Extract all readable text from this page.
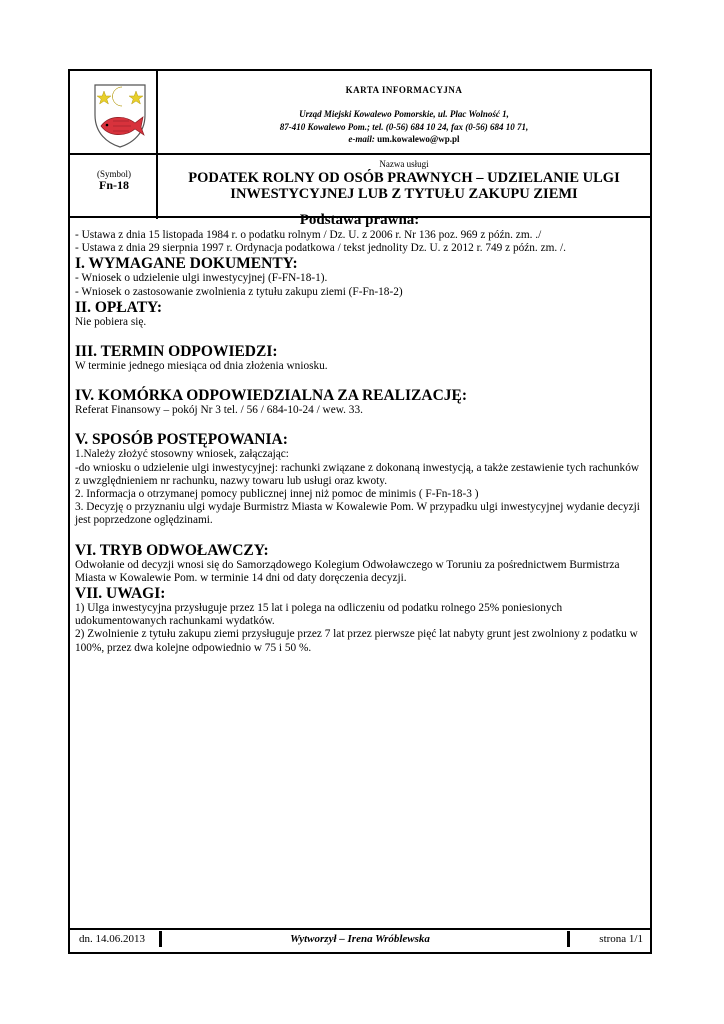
KARTA INFORMACYJNA
Urząd Miejski Kowalewo Pomorskie, ul. Plac Wolność 1,
87-410 Kowalewo Pom.; tel. (0-56) 684 10 24, fax (0-56) 684 10 71,
e-mail: um.kowalewo@wp.pl
(Symbol)
Fn-18
Nazwa usługi
PODATEK ROLNY OD OSÓB PRAWNYCH – UDZIELANIE ULGI
INWESTYCYJNEJ LUB Z TYTUŁU ZAKUPU ZIEMI

Podstawa prawna:

- Ustawa z dnia 15 listopada 1984 r. o podatku rolnym / Dz. U. z 2006 r. Nr 136 poz. 969 z późn. zm. ./

- Ustawa z dnia 29 sierpnia 1997 r. Ordynacja podatkowa / tekst jednolity Dz. U. z 2012 r. 749 z późn. zm. /.

I. WYMAGANE DOKUMENTY:

- Wniosek o udzielenie ulgi inwestycyjnej (F-FN-18-1).

- Wniosek o zastosowanie zwolnienia z tytułu zakupu ziemi (F-Fn-18-2)

II. OPŁATY:

Nie pobiera się.

III. TERMIN ODPOWIEDZI:

W terminie jednego miesiąca od dnia złożenia wniosku.

IV. KOMÓRKA ODPOWIEDZIALNA ZA REALIZACJĘ:

Referat Finansowy – pokój Nr 3 tel. / 56 / 684-10-24 / wew. 33.

V. SPOSÓB POSTĘPOWANIA:

1.Należy złożyć stosowny wniosek, załączając:

-do wniosku o udzielenie ulgi inwestycyjnej: rachunki związane z dokonaną inwestycją, a także zestawienie tych rachunków z uwzględnieniem nr rachunku, nazwy towaru lub usługi oraz kwoty.

2. Informacja o otrzymanej pomocy publicznej innej niż pomoc de minimis ( F-Fn-18-3 )

3. Decyzję o przyznaniu ulgi wydaje Burmistrz Miasta w Kowalewie Pom. W przypadku ulgi inwestycyjnej wydanie decyzji jest poprzedzone oględzinami.

VI. TRYB ODWOŁAWCZY:

Odwołanie od decyzji wnosi się do Samorządowego Kolegium Odwoławczego w Toruniu za pośrednictwem Burmistrza Miasta w Kowalewie Pom. w terminie 14 dni od daty doręczenia decyzji.

VII. UWAGI:

1) Ulga inwestycyjna przysługuje przez 15 lat i polega na odliczeniu od podatku rolnego 25% poniesionych udokumentowanych rachunkami wydatków.

2) Zwolnienie z tytułu zakupu ziemi przysługuje przez 7 lat przez pierwsze pięć lat nabyty grunt jest zwolniony z podatku w 100%, przez dwa kolejne odpowiednio w 75 i 50 %.

dn. 14.06.2013	Wytworzył – Irena Wróblewska	strona 1/1
